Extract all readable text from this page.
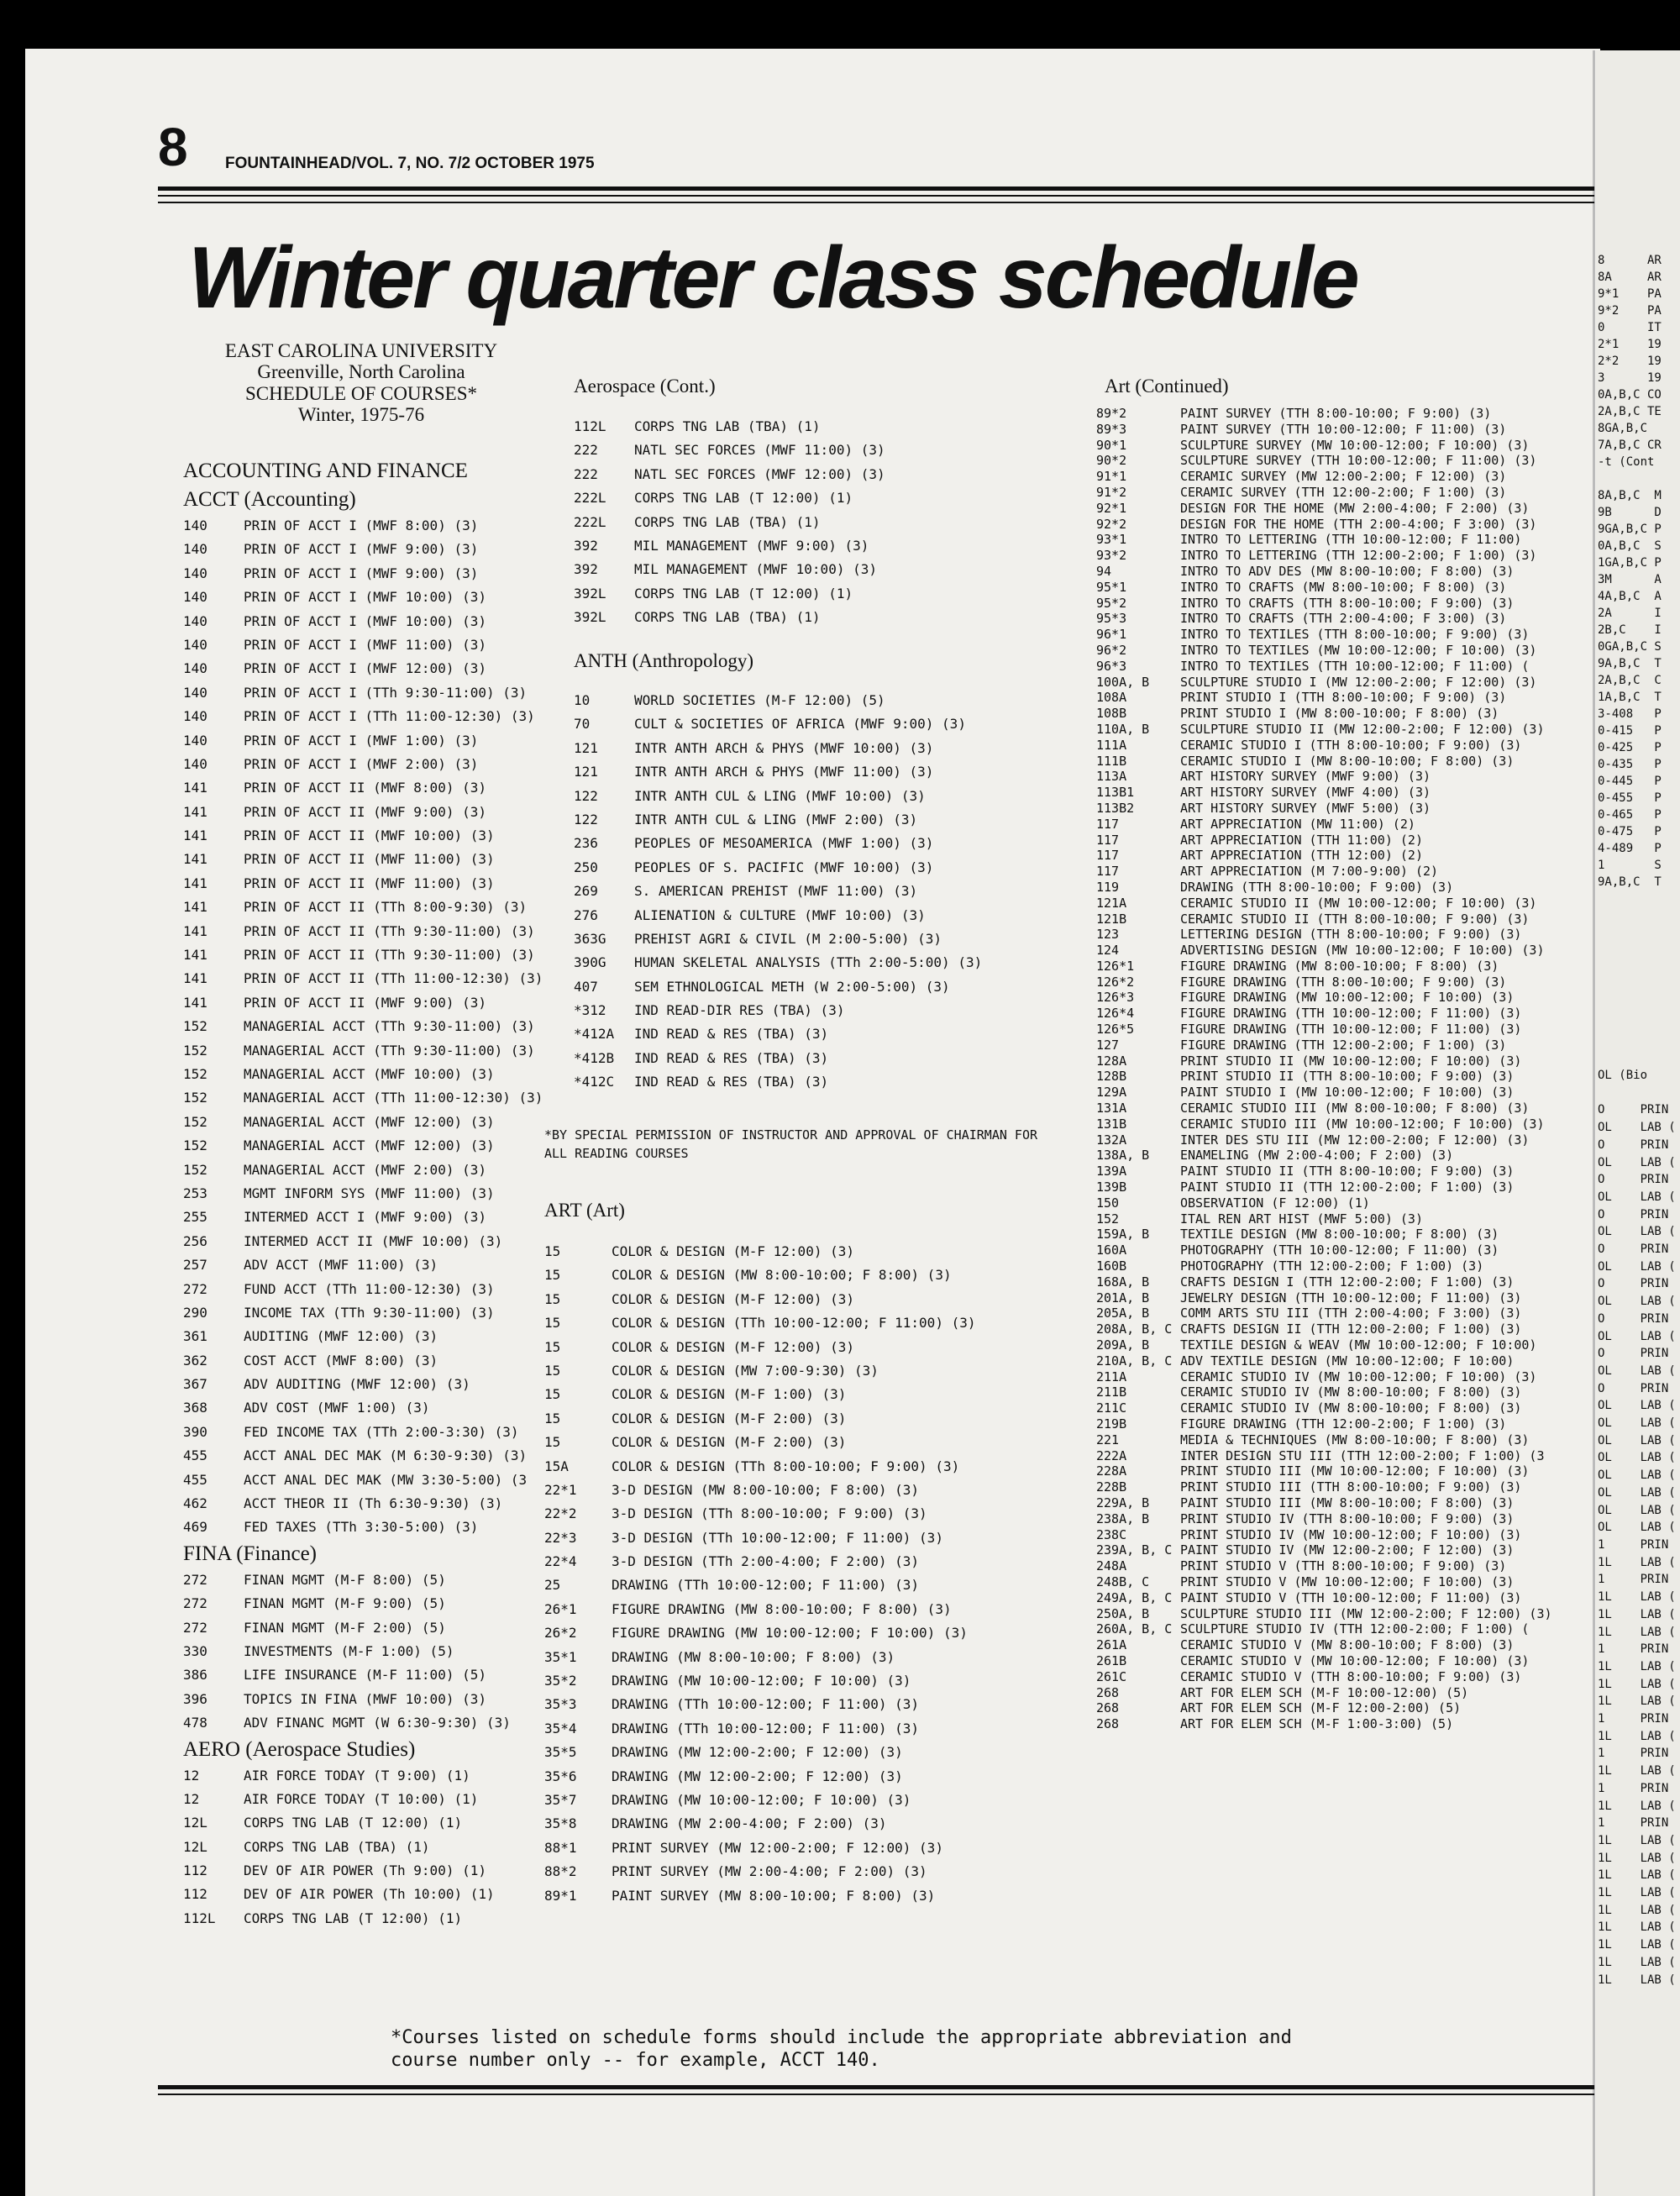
8 FOUNTAINHEAD/VOL. 7, NO. 7/2 OCTOBER 1975
Winter quarter class schedule
EAST CAROLINA UNIVERSITY
Greenville, North Carolina
SCHEDULE OF COURSES*
Winter, 1975-76
ACCOUNTING AND FINANCE
ACCT (Accounting)
140	PRIN OF ACCT I (MWF 8:00) (3)
140	PRIN OF ACCT I (MWF 9:00) (3)
140	PRIN OF ACCT I (MWF 9:00) (3)
140	PRIN OF ACCT I (MWF 10:00) (3)
140	PRIN OF ACCT I (MWF 10:00) (3)
140	PRIN OF ACCT I (MWF 11:00) (3)
140	PRIN OF ACCT I (MWF 12:00) (3)
140	PRIN OF ACCT I (TTh 9:30-11:00) (3)
140	PRIN OF ACCT I (TTh 11:00-12:30) (3)
140	PRIN OF ACCT I (MWF 1:00) (3)
140	PRIN OF ACCT I (MWF 2:00) (3)
141	PRIN OF ACCT II (MWF 8:00) (3)
141	PRIN OF ACCT II (MWF 9:00) (3)
141	PRIN OF ACCT II (MWF 10:00) (3)
141	PRIN OF ACCT II (MWF 11:00) (3)
141	PRIN OF ACCT II (MWF 11:00) (3)
141	PRIN OF ACCT II (TTh 8:00-9:30) (3)
141	PRIN OF ACCT II (TTh 9:30-11:00) (3)
141	PRIN OF ACCT II (TTh 9:30-11:00) (3)
141	PRIN OF ACCT II (TTh 11:00-12:30) (3)
141	PRIN OF ACCT II (MWF 9:00) (3)
152	MANAGERIAL ACCT (TTh 9:30-11:00) (3)
152	MANAGERIAL ACCT (TTh 9:30-11:00) (3)
152	MANAGERIAL ACCT (MWF 10:00) (3)
152	MANAGERIAL ACCT (TTh 11:00-12:30) (3)
152	MANAGERIAL ACCT (MWF 12:00) (3)
152	MANAGERIAL ACCT (MWF 12:00) (3)
152	MANAGERIAL ACCT (MWF 2:00) (3)
253	MGMT INFORM SYS (MWF 11:00) (3)
255	INTERMED ACCT I (MWF 9:00) (3)
256	INTERMED ACCT II (MWF 10:00) (3)
257	ADV ACCT (MWF 11:00) (3)
272	FUND ACCT (TTh 11:00-12:30) (3)
290	INCOME TAX (TTh 9:30-11:00) (3)
361	AUDITING (MWF 12:00) (3)
362	COST ACCT (MWF 8:00) (3)
367	ADV AUDITING (MWF 12:00) (3)
368	ADV COST (MWF 1:00) (3)
390	FED INCOME TAX (TTh 2:00-3:30) (3)
455	ACCT ANAL DEC MAK (M 6:30-9:30) (3)
455	ACCT ANAL DEC MAK (MW 3:30-5:00) (3
462	ACCT THEOR II (Th 6:30-9:30) (3)
469	FED TAXES (TTh 3:30-5:00) (3)
FINA (Finance)
272	FINAN MGMT (M-F 8:00) (5)
272	FINAN MGMT (M-F 9:00) (5)
272	FINAN MGMT (M-F 2:00) (5)
330	INVESTMENTS (M-F 1:00) (5)
386	LIFE INSURANCE (M-F 11:00) (5)
396	TOPICS IN FINA (MWF 10:00) (3)
478	ADV FINANC MGMT (W 6:30-9:30) (3)
AERO (Aerospace Studies)
12	AIR FORCE TODAY (T 9:00) (1)
12	AIR FORCE TODAY (T 10:00) (1)
12L	CORPS TNG LAB (T 12:00) (1)
12L	CORPS TNG LAB (TBA) (1)
112	DEV OF AIR POWER (Th 9:00) (1)
112	DEV OF AIR POWER (Th 10:00) (1)
112L	CORPS TNG LAB (T 12:00) (1)
Aerospace (Cont.)
112L	CORPS TNG LAB (TBA) (1)
222	NATL SEC FORCES (MWF 11:00) (3)
222	NATL SEC FORCES (MWF 12:00) (3)
222L	CORPS TNG LAB (T 12:00) (1)
222L	CORPS TNG LAB (TBA) (1)
392	MIL MANAGEMENT (MWF 9:00) (3)
392	MIL MANAGEMENT (MWF 10:00) (3)
392L	CORPS TNG LAB (T 12:00) (1)
392L	CORPS TNG LAB (TBA) (1)
ANTH (Anthropology)
10	WORLD SOCIETIES (M-F 12:00) (5)
70	CULT & SOCIETIES OF AFRICA (MWF 9:00) (3)
121	INTR ANTH ARCH & PHYS (MWF 10:00) (3)
121	INTR ANTH ARCH & PHYS (MWF 11:00) (3)
122	INTR ANTH CUL & LING (MWF 10:00) (3)
122	INTR ANTH CUL & LING (MWF 2:00) (3)
236	PEOPLES OF MESOAMERICA (MWF 1:00) (3)
250	PEOPLES OF S. PACIFIC (MWF 10:00) (3)
269	S. AMERICAN PREHIST (MWF 11:00) (3)
276	ALIENATION & CULTURE (MWF 10:00) (3)
363G	PREHIST AGRI & CIVIL (M 2:00-5:00) (3)
390G	HUMAN SKELETAL ANALYSIS (TTh 2:00-5:00) (3)
407	SEM ETHNOLOGICAL METH (W 2:00-5:00) (3)
*312	IND READ-DIR RES (TBA) (3)
*412A	IND READ & RES (TBA) (3)
*412B	IND READ & RES (TBA) (3)
*412C	IND READ & RES (TBA) (3)
*BY SPECIAL PERMISSION OF INSTRUCTOR AND APPROVAL OF CHAIRMAN FOR
ALL READING COURSES
ART (Art)
15	COLOR & DESIGN (M-F 12:00) (3)
15	COLOR & DESIGN (MW 8:00-10:00; F 8:00) (3)
15	COLOR & DESIGN (M-F 12:00) (3)
15	COLOR & DESIGN (TTh 10:00-12:00; F 11:00) (3)
15	COLOR & DESIGN (M-F 12:00) (3)
15	COLOR & DESIGN (MW 7:00-9:30) (3)
15	COLOR & DESIGN (M-F 1:00) (3)
15	COLOR & DESIGN (M-F 2:00) (3)
15	COLOR & DESIGN (M-F 2:00) (3)
15A	COLOR & DESIGN (TTh 8:00-10:00; F 9:00) (3)
22*1	3-D DESIGN (MW 8:00-10:00; F 8:00) (3)
22*2	3-D DESIGN (TTh 8:00-10:00; F 9:00) (3)
22*3	3-D DESIGN (TTh 10:00-12:00; F 11:00) (3)
22*4	3-D DESIGN (TTh 2:00-4:00; F 2:00) (3)
25	DRAWING (TTh 10:00-12:00; F 11:00) (3)
26*1	FIGURE DRAWING (MW 8:00-10:00; F 8:00) (3)
26*2	FIGURE DRAWING (MW 10:00-12:00; F 10:00) (3)
35*1	DRAWING (MW 8:00-10:00; F 8:00) (3)
35*2	DRAWING (MW 10:00-12:00; F 10:00) (3)
35*3	DRAWING (TTh 10:00-12:00; F 11:00) (3)
35*4	DRAWING (TTh 10:00-12:00; F 11:00) (3)
35*5	DRAWING (MW 12:00-2:00; F 12:00) (3)
35*6	DRAWING (MW 12:00-2:00; F 12:00) (3)
35*7	DRAWING (MW 10:00-12:00; F 10:00) (3)
35*8	DRAWING (MW 2:00-4:00; F 2:00) (3)
88*1	PRINT SURVEY (MW 12:00-2:00; F 12:00) (3)
88*2	PRINT SURVEY (MW 2:00-4:00; F 2:00) (3)
89*1	PAINT SURVEY (MW 8:00-10:00; F 8:00) (3)
Art (Continued)
89*2	PAINT SURVEY (TTH 8:00-10:00; F 9:00) (3)
89*3	PAINT SURVEY (TTH 10:00-12:00; F 11:00) (3)
90*1	SCULPTURE SURVEY (MW 10:00-12:00; F 10:00) (3)
90*2	SCULPTURE SURVEY (TTH 10:00-12:00; F 11:00) (3)
91*1	CERAMIC SURVEY (MW 12:00-2:00; F 12:00) (3)
91*2	CERAMIC SURVEY (TTH 12:00-2:00; F 1:00) (3)
92*1	DESIGN FOR THE HOME (MW 2:00-4:00; F 2:00) (3)
92*2	DESIGN FOR THE HOME (TTH 2:00-4:00; F 3:00) (3)
93*1	INTRO TO LETTERING (TTH 10:00-12:00; F 11:00)
93*2	INTRO TO LETTERING (TTH 12:00-2:00; F 1:00) (3)
94	INTRO TO ADV DES (MW 8:00-10:00; F 8:00) (3)
95*1	INTRO TO CRAFTS (MW 8:00-10:00; F 8:00) (3)
95*2	INTRO TO CRAFTS (TTH 8:00-10:00; F 9:00) (3)
95*3	INTRO TO CRAFTS (TTH 2:00-4:00; F 3:00) (3)
96*1	INTRO TO TEXTILES (TTH 8:00-10:00; F 9:00) (3)
96*2	INTRO TO TEXTILES (MW 10:00-12:00; F 10:00) (3)
96*3	INTRO TO TEXTILES (TTH 10:00-12:00; F 11:00) (
100A, B	SCULPTURE STUDIO I (MW 12:00-2:00; F 12:00) (3)
108A	PRINT STUDIO I (TTH 8:00-10:00; F 9:00) (3)
108B	PRINT STUDIO I (MW 8:00-10:00; F 8:00) (3)
110A, B	SCULPTURE STUDIO II (MW 12:00-2:00; F 12:00) (3)
111A	CERAMIC STUDIO I (TTH 8:00-10:00; F 9:00) (3)
111B	CERAMIC STUDIO I (MW 8:00-10:00; F 8:00) (3)
113A	ART HISTORY SURVEY (MWF 9:00) (3)
113B1	ART HISTORY SURVEY (MWF 4:00) (3)
113B2	ART HISTORY SURVEY (MWF 5:00) (3)
117	ART APPRECIATION (MW 11:00) (2)
117	ART APPRECIATION (TTH 11:00) (2)
117	ART APPRECIATION (TTH 12:00) (2)
117	ART APPRECIATION (M 7:00-9:00) (2)
119	DRAWING (TTH 8:00-10:00; F 9:00) (3)
121A	CERAMIC STUDIO II (MW 10:00-12:00; F 10:00) (3)
121B	CERAMIC STUDIO II (TTH 8:00-10:00; F 9:00) (3)
123	LETTERING DESIGN (TTH 8:00-10:00; F 9:00) (3)
124	ADVERTISING DESIGN (MW 10:00-12:00; F 10:00) (3)
126*1	FIGURE DRAWING (MW 8:00-10:00; F 8:00) (3)
126*2	FIGURE DRAWING (TTH 8:00-10:00; F 9:00) (3)
126*3	FIGURE DRAWING (MW 10:00-12:00; F 10:00) (3)
126*4	FIGURE DRAWING (TTH 10:00-12:00; F 11:00) (3)
126*5	FIGURE DRAWING (TTH 10:00-12:00; F 11:00) (3)
127	FIGURE DRAWING (TTH 12:00-2:00; F 1:00) (3)
128A	PRINT STUDIO II (MW 10:00-12:00; F 10:00) (3)
128B	PRINT STUDIO II (TTH 8:00-10:00; F 9:00) (3)
129A	PAINT STUDIO I (MW 10:00-12:00; F 10:00) (3)
131A	CERAMIC STUDIO III (MW 8:00-10:00; F 8:00) (3)
131B	CERAMIC STUDIO III (MW 10:00-12:00; F 10:00) (3)
132A	INTER DES STU III (MW 12:00-2:00; F 12:00) (3)
138A, B	ENAMELING (MW 2:00-4:00; F 2:00) (3)
139A	PAINT STUDIO II (TTH 8:00-10:00; F 9:00) (3)
139B	PAINT STUDIO II (TTH 12:00-2:00; F 1:00) (3)
150	OBSERVATION (F 12:00) (1)
152	ITAL REN ART HIST (MWF 5:00) (3)
159A, B	TEXTILE DESIGN (MW 8:00-10:00; F 8:00) (3)
160A	PHOTOGRAPHY (TTH 10:00-12:00; F 11:00) (3)
160B	PHOTOGRAPHY (TTH 12:00-2:00; F 1:00) (3)
168A, B	CRAFTS DESIGN I (TTH 12:00-2:00; F 1:00) (3)
201A, B	JEWELRY DESIGN (TTH 10:00-12:00; F 11:00) (3)
205A, B	COMM ARTS STU III (TTH 2:00-4:00; F 3:00) (3)
208A, B, C CRAFTS DESIGN II (TTH 12:00-2:00; F 1:00) (3)
209A, B	TEXTILE DESIGN & WEAV (MW 10:00-12:00; F 10:00)
210A, B, C ADV TEXTILE DESIGN (MW 10:00-12:00; F 10:00)
211A	CERAMIC STUDIO IV (MW 10:00-12:00; F 10:00) (3)
211B	CERAMIC STUDIO IV (MW 8:00-10:00; F 8:00) (3)
211C	CERAMIC STUDIO IV (MW 8:00-10:00; F 8:00) (3)
219B	FIGURE DRAWING (TTH 12:00-2:00; F 1:00) (3)
221	MEDIA & TECHNIQUES (MW 8:00-10:00; F 8:00) (3)
222A	INTER DESIGN STU III (TTH 12:00-2:00; F 1:00) (3
228A	PRINT STUDIO III (MW 10:00-12:00; F 10:00) (3)
228B	PRINT STUDIO III (TTH 8:00-10:00; F 9:00) (3)
229A, B	PAINT STUDIO III (MW 8:00-10:00; F 8:00) (3)
238A, B	PRINT STUDIO IV (TTH 8:00-10:00; F 9:00) (3)
238C	PRINT STUDIO IV (MW 10:00-12:00; F 10:00) (3)
239A, B, C PAINT STUDIO IV (MW 12:00-2:00; F 12:00) (3)
248A	PRINT STUDIO V (TTH 8:00-10:00; F 9:00) (3)
248B, C	PRINT STUDIO V (MW 10:00-12:00; F 10:00) (3)
249A, B, C PAINT STUDIO V (TTH 10:00-12:00; F 11:00) (3)
250A, B	SCULPTURE STUDIO III (MW 12:00-2:00; F 12:00) (3)
260A, B, C SCULPTURE STUDIO IV (TTH 12:00-2:00; F 1:00) (
261A	CERAMIC STUDIO V (MW 8:00-10:00; F 8:00) (3)
261B	CERAMIC STUDIO V (MW 10:00-12:00; F 10:00) (3)
261C	CERAMIC STUDIO V (TTH 8:00-10:00; F 9:00) (3)
268	ART FOR ELEM SCH (M-F 10:00-12:00) (5)
268	ART FOR ELEM SCH (M-F 12:00-2:00) (5)
268	ART FOR ELEM SCH (M-F 1:00-3:00) (5)
*Courses listed on schedule forms should include the appropriate abbreviation and
course number only -- for example, ACCT 140.
8      AR
8A     AR
9*1    PA
9*2    PA
0      IT
2*1    19
2*2    19
3      19
0A,B,C CO
2A,B,C TE
8GA,B,C
7A,B,C CR
-t (Cont

8A,B,C  M
9B      D
9GA,B,C P
0A,B,C  S
1GA,B,C P
3M      A
4A,B,C  A
2A      I
2B,C    I
0GA,B,C S
9A,B,C  T
2A,B,C  C
1A,B,C  T
3-408   P
0-415   P
0-425   P
0-435   P
0-445   P
0-455   P
0-465   P
0-475   P
4-489   P
1       S
9A,B,C  T
OL (Bio

O     PRIN
OL    LAB (
O     PRIN
OL    LAB (
O     PRIN
OL    LAB (
O     PRIN
OL    LAB (
O     PRIN
OL    LAB (
O     PRIN
OL    LAB (
O     PRIN
OL    LAB (
O     PRIN
OL    LAB (
O     PRIN
OL    LAB (
OL    LAB (
OL    LAB (
OL    LAB (
OL    LAB (
OL    LAB (
OL    LAB (
OL    LAB (
1     PRIN
1L    LAB (
1     PRIN
1L    LAB (
1L    LAB (
1L    LAB (
1     PRIN
1L    LAB (
1L    LAB (
1L    LAB (
1     PRIN
1L    LAB (
1     PRIN
1L    LAB (
1     PRIN
1L    LAB (
1     PRIN
1L    LAB (
1L    LAB (
1L    LAB (
1L    LAB (
1L    LAB (
1L    LAB (
1L    LAB (
1L    LAB (
1L    LAB (
